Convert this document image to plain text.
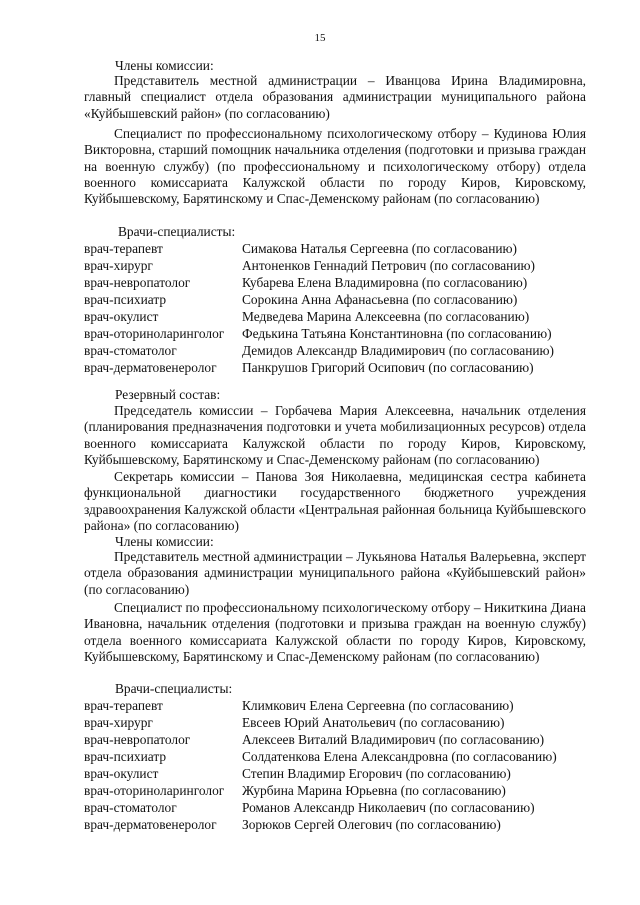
15
Члены комиссии:
Представитель местной администрации – Иванцова Ирина Владимировна, главный специалист отдела образования администрации муниципального района «Куйбышевский район» (по согласованию)
Специалист по профессиональному психологическому отбору – Кудинова Юлия Викторовна, старший помощник начальника отделения (подготовки и призыва граждан на военную службу) (по профессиональному и психологическому отбору) отдела военного комиссариата Калужской области по городу Киров, Кировскому, Куйбышевскому, Барятинскому и Спас-Деменскому районам (по согласованию)
Врачи-специалисты:
врач-терапевт	Симакова Наталья Сергеевна (по согласованию)
врач-хирург	Антоненков Геннадий Петрович (по согласованию)
врач-невропатолог	Кубарева Елена Владимировна (по согласованию)
врач-психиатр	Сорокина Анна Афанасьевна (по согласованию)
врач-окулист	Медведева Марина Алексеевна (по согласованию)
врач-оториноларинголог Федькина Татьяна Константиновна (по согласованию)
врач-стоматолог	Демидов Александр Владимирович (по согласованию)
врач-дерматовенеролог Панкрушов Григорий Осипович (по согласованию)
Резервный состав:
Председатель комиссии – Горбачева Мария Алексеевна, начальник отделения (планирования предназначения подготовки и учета мобилизационных ресурсов) отдела военного комиссариата Калужской области по городу Киров, Кировскому, Куйбышевскому, Барятинскому и Спас-Деменскому районам (по согласованию)
Секретарь комиссии – Панова Зоя Николаевна, медицинская сестра кабинета функциональной диагностики государственного бюджетного учреждения здравоохранения Калужской области «Центральная районная больница Куйбышевского района» (по согласованию)
Члены комиссии:
Представитель местной администрации – Лукьянова Наталья Валерьевна, эксперт отдела образования администрации муниципального района «Куйбышевский район» (по согласованию)
Специалист по профессиональному психологическому отбору – Никиткина Диана Ивановна, начальник отделения (подготовки и призыва граждан на военную службу) отдела военного комиссариата Калужской области по городу Киров, Кировскому, Куйбышевскому, Барятинскому и Спас-Деменскому районам (по согласованию)
Врачи-специалисты:
врач-терапевт	Климкович Елена Сергеевна (по согласованию)
врач-хирург	Евсеев Юрий Анатольевич (по согласованию)
врач-невропатолог	Алексеев Виталий Владимирович (по согласованию)
врач-психиатр	Солдатенкова Елена Александровна (по согласованию)
врач-окулист	Степин Владимир Егорович (по согласованию)
врач-оториноларинголог Журбина Марина Юрьевна (по согласованию)
врач-стоматолог	Романов Александр Николаевич (по согласованию)
врач-дерматовенеролог Зорюков Сергей Олегович (по согласованию)
